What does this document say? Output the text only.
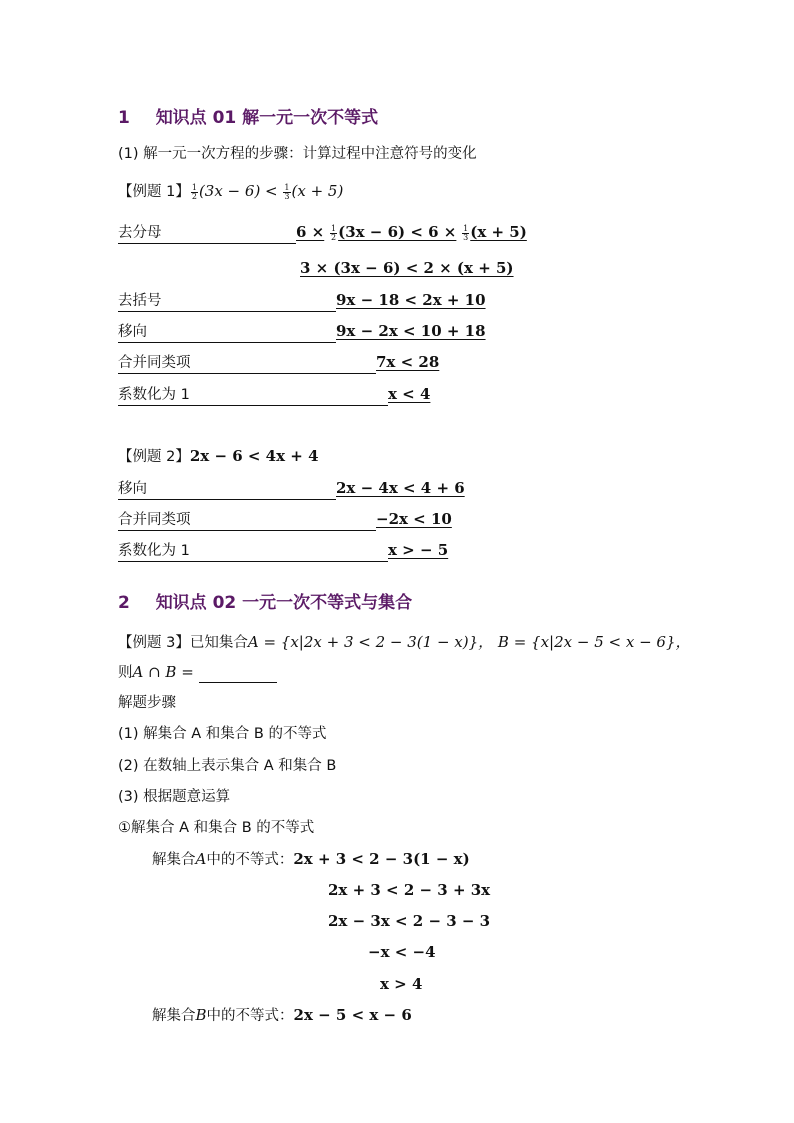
1 知识点 01 解一元一次不等式
(1) 解一元一次方程的步骤：计算过程中注意符号的变化
【例题 1】 $\frac{1}{2} (3x - 6) < \frac{1}{3} (x + 5)$
去分母	$6 \times \frac{1}{2} (3x - 6) < 6 \times \frac{1}{3} (x + 5)$
3 × (3x − 6) < 2 × (x + 5)
去括号	9x − 18 < 2x + 10
移向	9x − 2x < 10 + 18
合并同类项	7x < 28
系数化为 1	x < 4
【例题 2】2x − 6 < 4x + 4
移向	2x − 4x < 4 + 6
合并同类项	−2x < 10
系数化为 1	x > − 5
2 知识点 02 一元一次不等式与集合
【例题 3】已知集合A = {x|2x + 3 < 2 − 3(1 − x)}， B = {x|2x − 5 < x − 6}，
则A ∩ B =
解题步骤
(1) 解集合 A 和集合 B 的不等式
(2) 在数轴上表示集合 A 和集合 B
(3) 根据题意运算
①解集合 A 和集合 B 的不等式
解集合A中的不等式：2x + 3 < 2 − 3(1 − x)
2x + 3 < 2 − 3 + 3x
2x − 3x < 2 − 3 − 3
−x < −4
x > 4
解集合B中的不等式：2x − 5 < x − 6
